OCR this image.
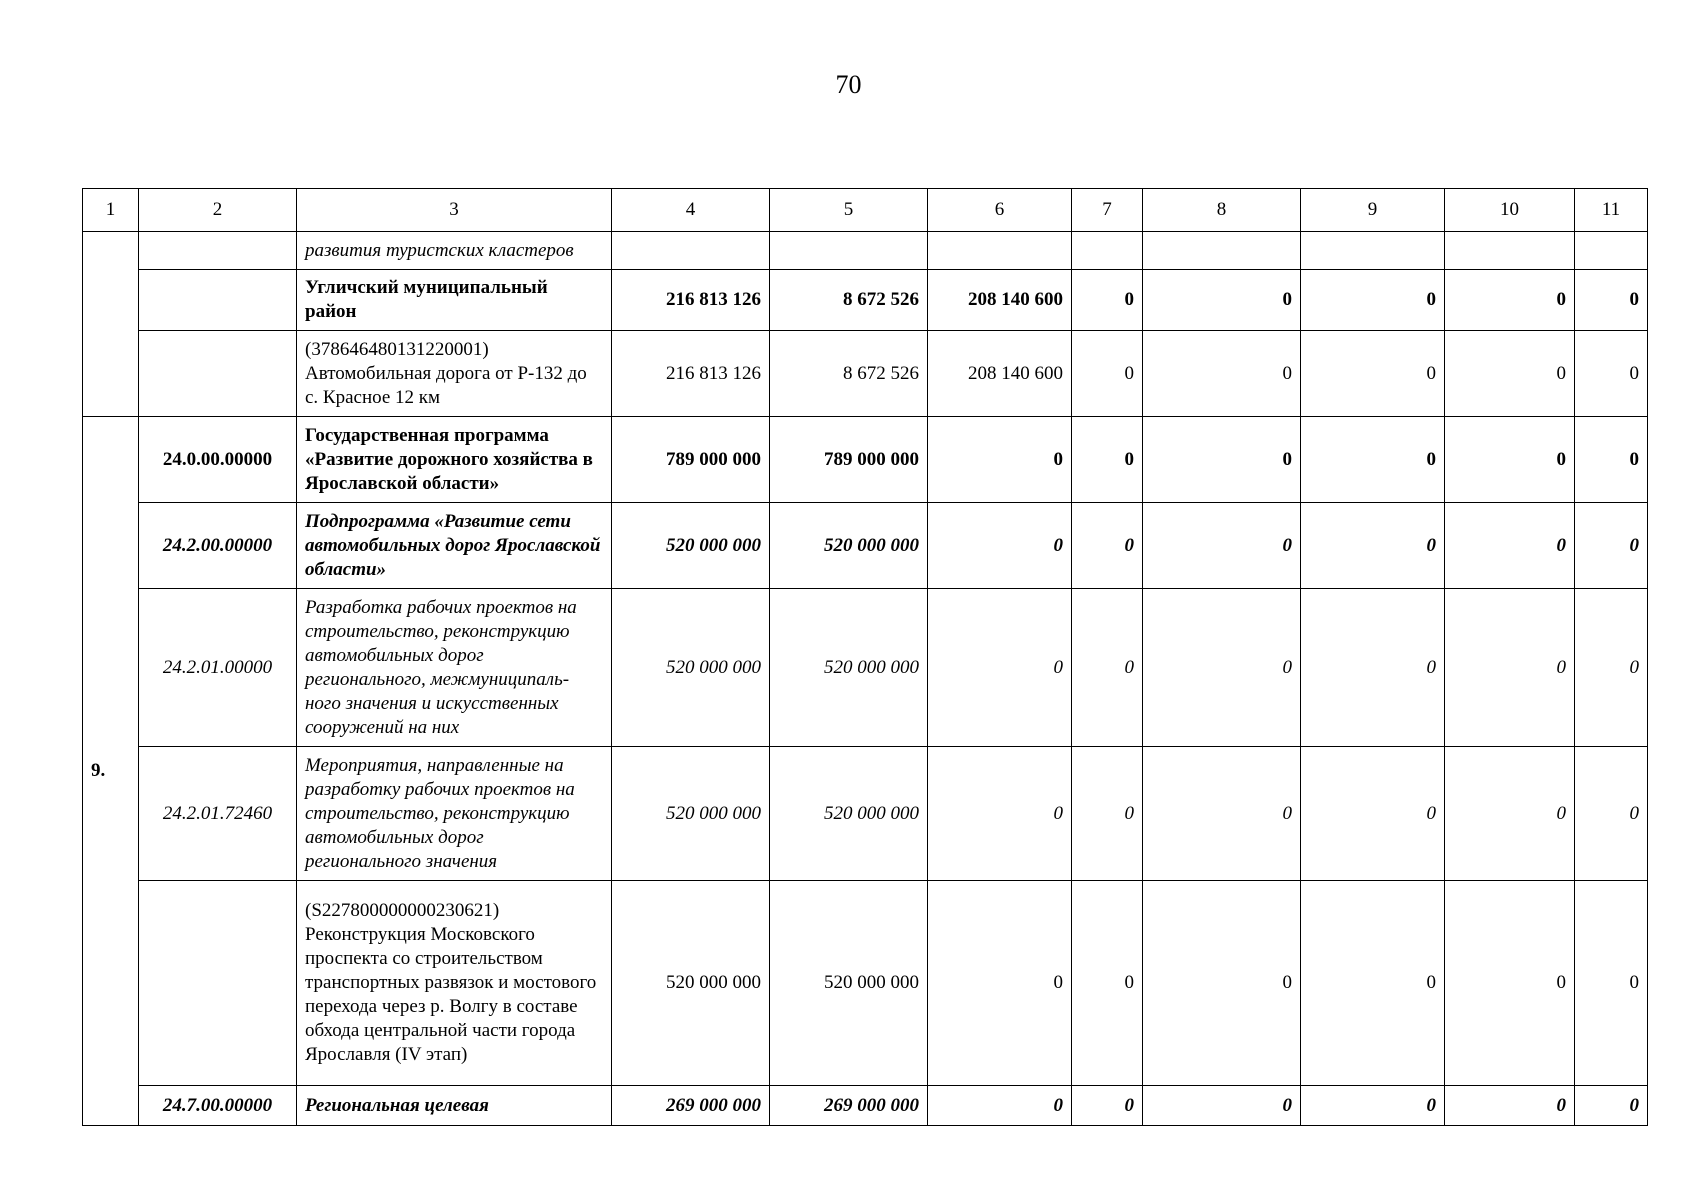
70
1	2	3	4	5	6	7	8	9	10	11
		развития туристских кластеров								
		Угличский муниципальный район	216 813 126	8 672 526	208 140 600	0	0	0	0	0
		(378646480131220001) Автомобильная дорога от Р-132 до с. Красное 12 км	216 813 126	8 672 526	208 140 600	0	0	0	0	0
9.	24.0.00.00000	Государственная программа «Развитие дорожного хозяйства в Ярославской области»	789 000 000	789 000 000	0	0	0	0	0	0
	24.2.00.00000	Подпрограмма «Развитие сети автомобильных дорог Ярославской области»	520 000 000	520 000 000	0	0	0	0	0	0
	24.2.01.00000	Разработка рабочих проектов на строительство, реконструкцию автомобильных дорог регионального, межмуниципаль-ного значения и искусственных сооружений на них	520 000 000	520 000 000	0	0	0	0	0	0
	24.2.01.72460	Мероприятия, направленные на разработку рабочих проектов на строительство, реконструкцию автомобильных дорог регионального значения	520 000 000	520 000 000	0	0	0	0	0	0
		(S227800000000230621) Реконструкция Московского проспекта со строительством транспортных развязок и мостового перехода через р. Волгу в составе обхода центральной части города Ярославля (IV этап)	520 000 000	520 000 000	0	0	0	0	0	0
	24.7.00.00000	Региональная целевая	269 000 000	269 000 000	0	0	0	0	0	0
